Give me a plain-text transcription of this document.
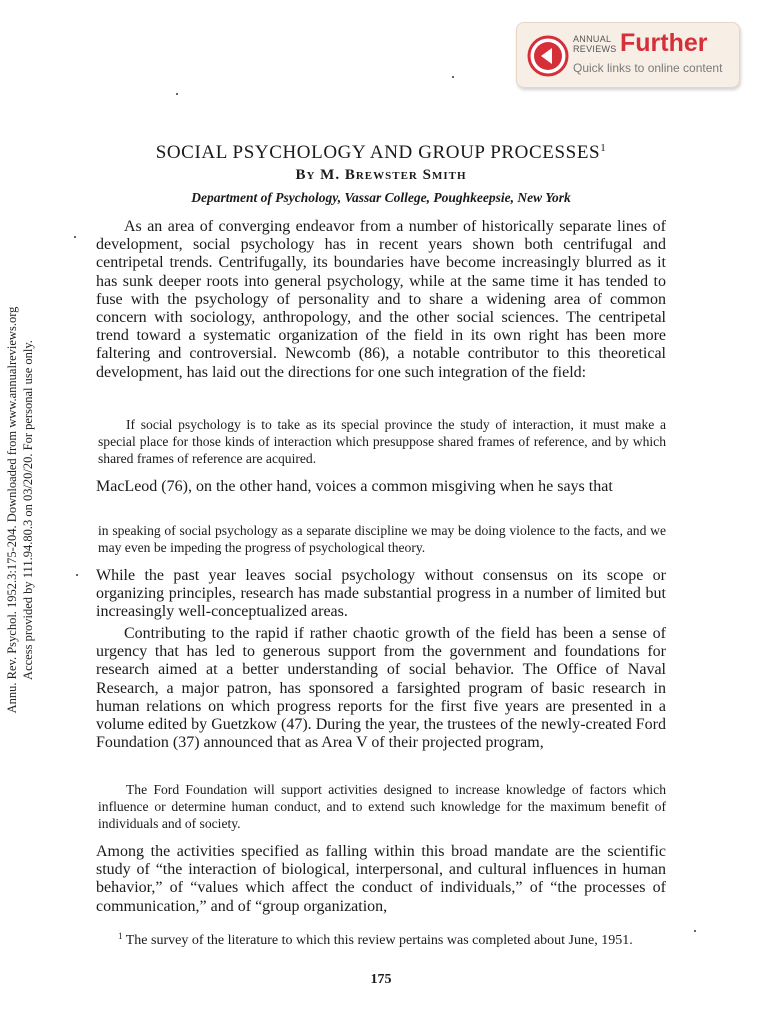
ANNUAL
REVIEWS Further
Quick links to online content
Annu. Rev. Psychol. 1952.3:175-204. Downloaded from www.annualreviews.org Access provided by 111.94.80.3 on 03/20/20. For personal use only.
SOCIAL PSYCHOLOGY AND GROUP PROCESSES$^1$
By M. Brewster Smith
Department of Psychology, Vassar College, Poughkeepsie, New York
As an area of converging endeavor from a number of historically separate lines of development, social psychology has in recent years shown both centrifugal and centripetal trends. Centrifugally, its boundaries have become increasingly blurred as it has sunk deeper roots into general psychology, while at the same time it has tended to fuse with the psychology of personality and to share a widening area of common concern with sociology, anthropology, and the other social sciences. The centripetal trend toward a systematic organization of the field in its own right has been more faltering and controversial. Newcomb (86), a notable contributor to this theoretical development, has laid out the directions for one such integration of the field:
If social psychology is to take as its special province the study of interaction, it must make a special place for those kinds of interaction which presuppose shared frames of reference, and by which shared frames of reference are acquired.
MacLeod (76), on the other hand, voices a common misgiving when he says that
in speaking of social psychology as a separate discipline we may be doing violence to the facts, and we may even be impeding the progress of psychological theory.
While the past year leaves social psychology without consensus on its scope or organizing principles, research has made substantial progress in a number of limited but increasingly well-conceptualized areas.
Contributing to the rapid if rather chaotic growth of the field has been a sense of urgency that has led to generous support from the government and foundations for research aimed at a better understanding of social behavior. The Office of Naval Research, a major patron, has sponsored a farsighted program of basic research in human relations on which progress reports for the first five years are presented in a volume edited by Guetzkow (47). During the year, the trustees of the newly-created Ford Foundation (37) announced that as Area V of their projected program,
The Ford Foundation will support activities designed to increase knowledge of factors which influence or determine human conduct, and to extend such knowledge for the maximum benefit of individuals and of society.
Among the activities specified as falling within this broad mandate are the scientific study of “the interaction of biological, interpersonal, and cultural influences in human behavior,” of “values which affect the conduct of individuals,” of “the processes of communication,” and of “group organization,
$^1$ The survey of the literature to which this review pertains was completed about June, 1951.
175
